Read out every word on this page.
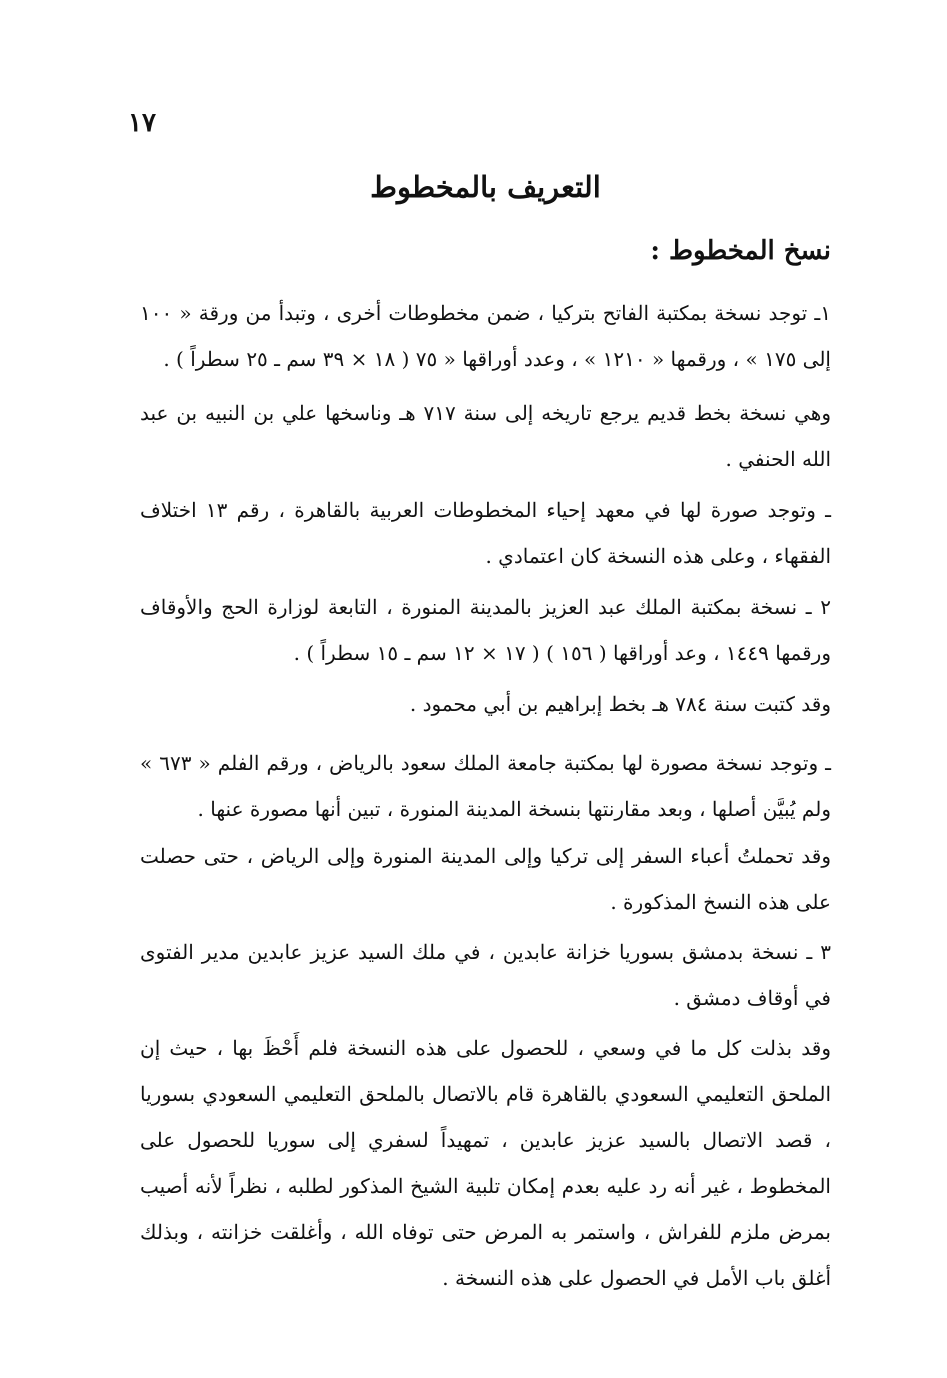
١٧
التعريف بالمخطوط
نسخ المخطوط :
١ـ توجد نسخة بمكتبة الفاتح بتركيا ، ضمن مخطوطات أخرى ، وتبدأ من ورقة « ١٠٠ إلى ١٧٥ » ، ورقمها « ١٢١٠ » ، وعدد أوراقها « ٧٥ ( ١٨ × ٣٩ سم ـ ٢٥ سطراً ) .
وهي نسخة بخط قديم يرجع تاريخه إلى سنة ٧١٧ هـ وناسخها علي بن النبيه بن عبد الله الحنفي .
ـ وتوجد صورة لها في معهد إحياء المخطوطات العربية بالقاهرة ، رقم ١٣ اختلاف الفقهاء ، وعلى هذه النسخة كان اعتمادي .
٢ ـ نسخة بمكتبة الملك عبد العزيز بالمدينة المنورة ، التابعة لوزارة الحج والأوقاف ورقمها ١٤٤٩ ، وعد أوراقها ( ١٥٦ ) ( ١٧ × ١٢ سم ـ ١٥ سطراً ) .
وقد كتبت سنة ٧٨٤ هـ بخط إبراهيم بن أبي محمود .
ـ وتوجد نسخة مصورة لها بمكتبة جامعة الملك سعود بالرياض ، ورقم الفلم « ٦٧٣ » ولم يُبيَّن أصلها ، وبعد مقارنتها بنسخة المدينة المنورة ، تبين أنها مصورة عنها .
وقد تحملتُ أعباء السفر إلى تركيا وإلى المدينة المنورة وإلى الرياض ، حتى حصلت على هذه النسخ المذكورة .
٣ ـ نسخة بدمشق بسوريا خزانة عابدين ، في ملك السيد عزيز عابدين مدير الفتوى في أوقاف دمشق .
وقد بذلت كل ما في وسعي ، للحصول على هذه النسخة فلم أَحْظَ بها ، حيث إن الملحق التعليمي السعودي بالقاهرة قام بالاتصال بالملحق التعليمي السعودي بسوريا ، قصد الاتصال بالسيد عزيز عابدين ، تمهيداً لسفري إلى سوريا للحصول على المخطوط ، غير أنه رد عليه بعدم إمكان تلبية الشيخ المذكور لطلبه ، نظراً لأنه أصيب بمرض ملزم للفراش ، واستمر به المرض حتى توفاه الله ، وأغلقت خزانته ، وبذلك أغلق باب الأمل في الحصول على هذه النسخة .
